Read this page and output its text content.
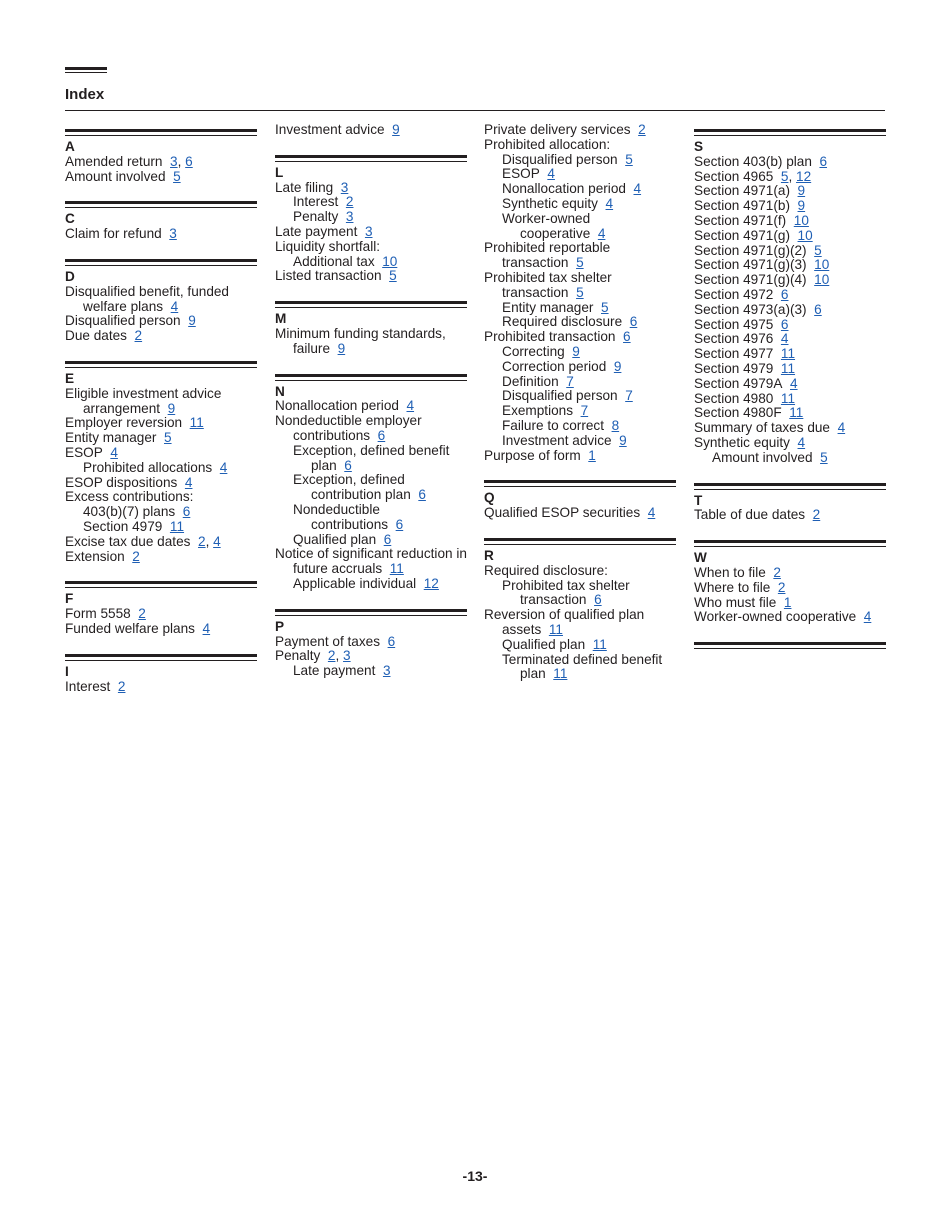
Index
A
Amended return 3, 6
Amount involved 5
C
Claim for refund 3
D
Disqualified benefit, funded welfare plans 4
Disqualified person 9
Due dates 2
E
Eligible investment advice arrangement 9
Employer reversion 11
Entity manager 5
ESOP 4
Prohibited allocations 4
ESOP dispositions 4
Excess contributions:
403(b)(7) plans 6
Section 4979 11
Excise tax due dates 2, 4
Extension 2
F
Form 5558 2
Funded welfare plans 4
I
Interest 2
Investment advice 9
L
Late filing 3
Interest 2
Penalty 3
Late payment 3
Liquidity shortfall:
Additional tax 10
Listed transaction 5
M
Minimum funding standards, failure 9
N
Nonallocation period 4
Nondeductible employer contributions 6
Exception, defined benefit plan 6
Exception, defined contribution plan 6
Nondeductible contributions 6
Qualified plan 6
Notice of significant reduction in future accruals 11
Applicable individual 12
P
Payment of taxes 6
Penalty 2, 3
Late payment 3
Private delivery services 2
Prohibited allocation:
Disqualified person 5
ESOP 4
Nonallocation period 4
Synthetic equity 4
Worker-owned cooperative 4
Prohibited reportable transaction 5
Prohibited tax shelter transaction 5
Entity manager 5
Required disclosure 6
Prohibited transaction 6
Correcting 9
Correction period 9
Definition 7
Disqualified person 7
Exemptions 7
Failure to correct 8
Investment advice 9
Purpose of form 1
Q
Qualified ESOP securities 4
R
Required disclosure:
Prohibited tax shelter transaction 6
Reversion of qualified plan assets 11
Qualified plan 11
Terminated defined benefit plan 11
S
Section 403(b) plan 6
Section 4965 5, 12
Section 4971(a) 9
Section 4971(b) 9
Section 4971(f) 10
Section 4971(g) 10
Section 4971(g)(2) 5
Section 4971(g)(3) 10
Section 4971(g)(4) 10
Section 4972 6
Section 4973(a)(3) 6
Section 4975 6
Section 4976 4
Section 4977 11
Section 4979 11
Section 4979A 4
Section 4980 11
Section 4980F 11
Summary of taxes due 4
Synthetic equity 4
Amount involved 5
T
Table of due dates 2
W
When to file 2
Where to file 2
Who must file 1
Worker-owned cooperative 4
-13-
